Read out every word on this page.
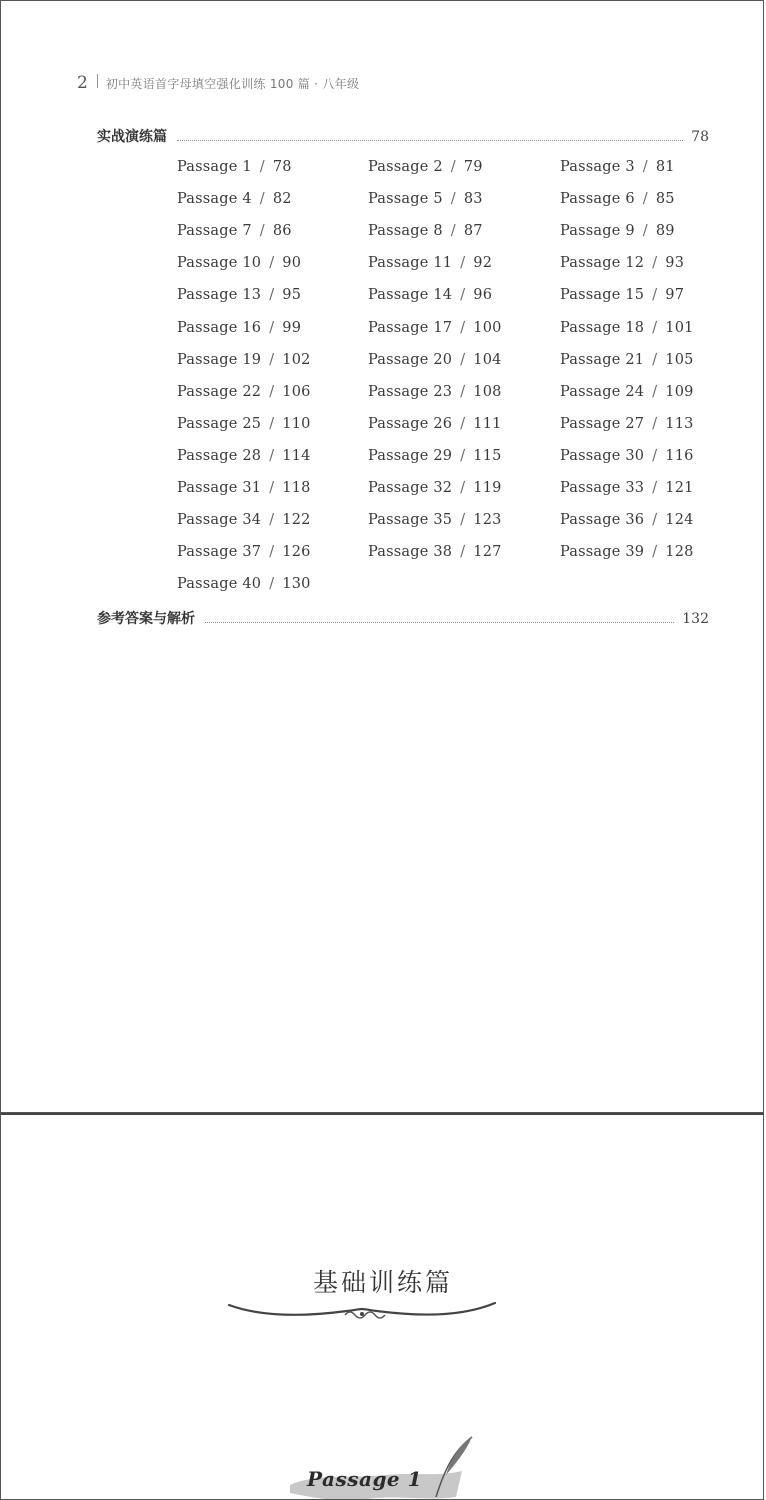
2 初中英语首字母填空强化训练 100 篇 · 八年级
实战演练篇	78
Passage 1 / 78	Passage 2 / 79	Passage 3 / 81
Passage 4 / 82	Passage 5 / 83	Passage 6 / 85
Passage 7 / 86	Passage 8 / 87	Passage 9 / 89
Passage 10 / 90	Passage 11 / 92	Passage 12 / 93
Passage 13 / 95	Passage 14 / 96	Passage 15 / 97
Passage 16 / 99	Passage 17 / 100	Passage 18 / 101
Passage 19 / 102	Passage 20 / 104	Passage 21 / 105
Passage 22 / 106	Passage 23 / 108	Passage 24 / 109
Passage 25 / 110	Passage 26 / 111	Passage 27 / 113
Passage 28 / 114	Passage 29 / 115	Passage 30 / 116
Passage 31 / 118	Passage 32 / 119	Passage 33 / 121
Passage 34 / 122	Passage 35 / 123	Passage 36 / 124
Passage 37 / 126	Passage 38 / 127	Passage 39 / 128
Passage 40 / 130
参考答案与解析	132
基础训练篇
Passage 1
